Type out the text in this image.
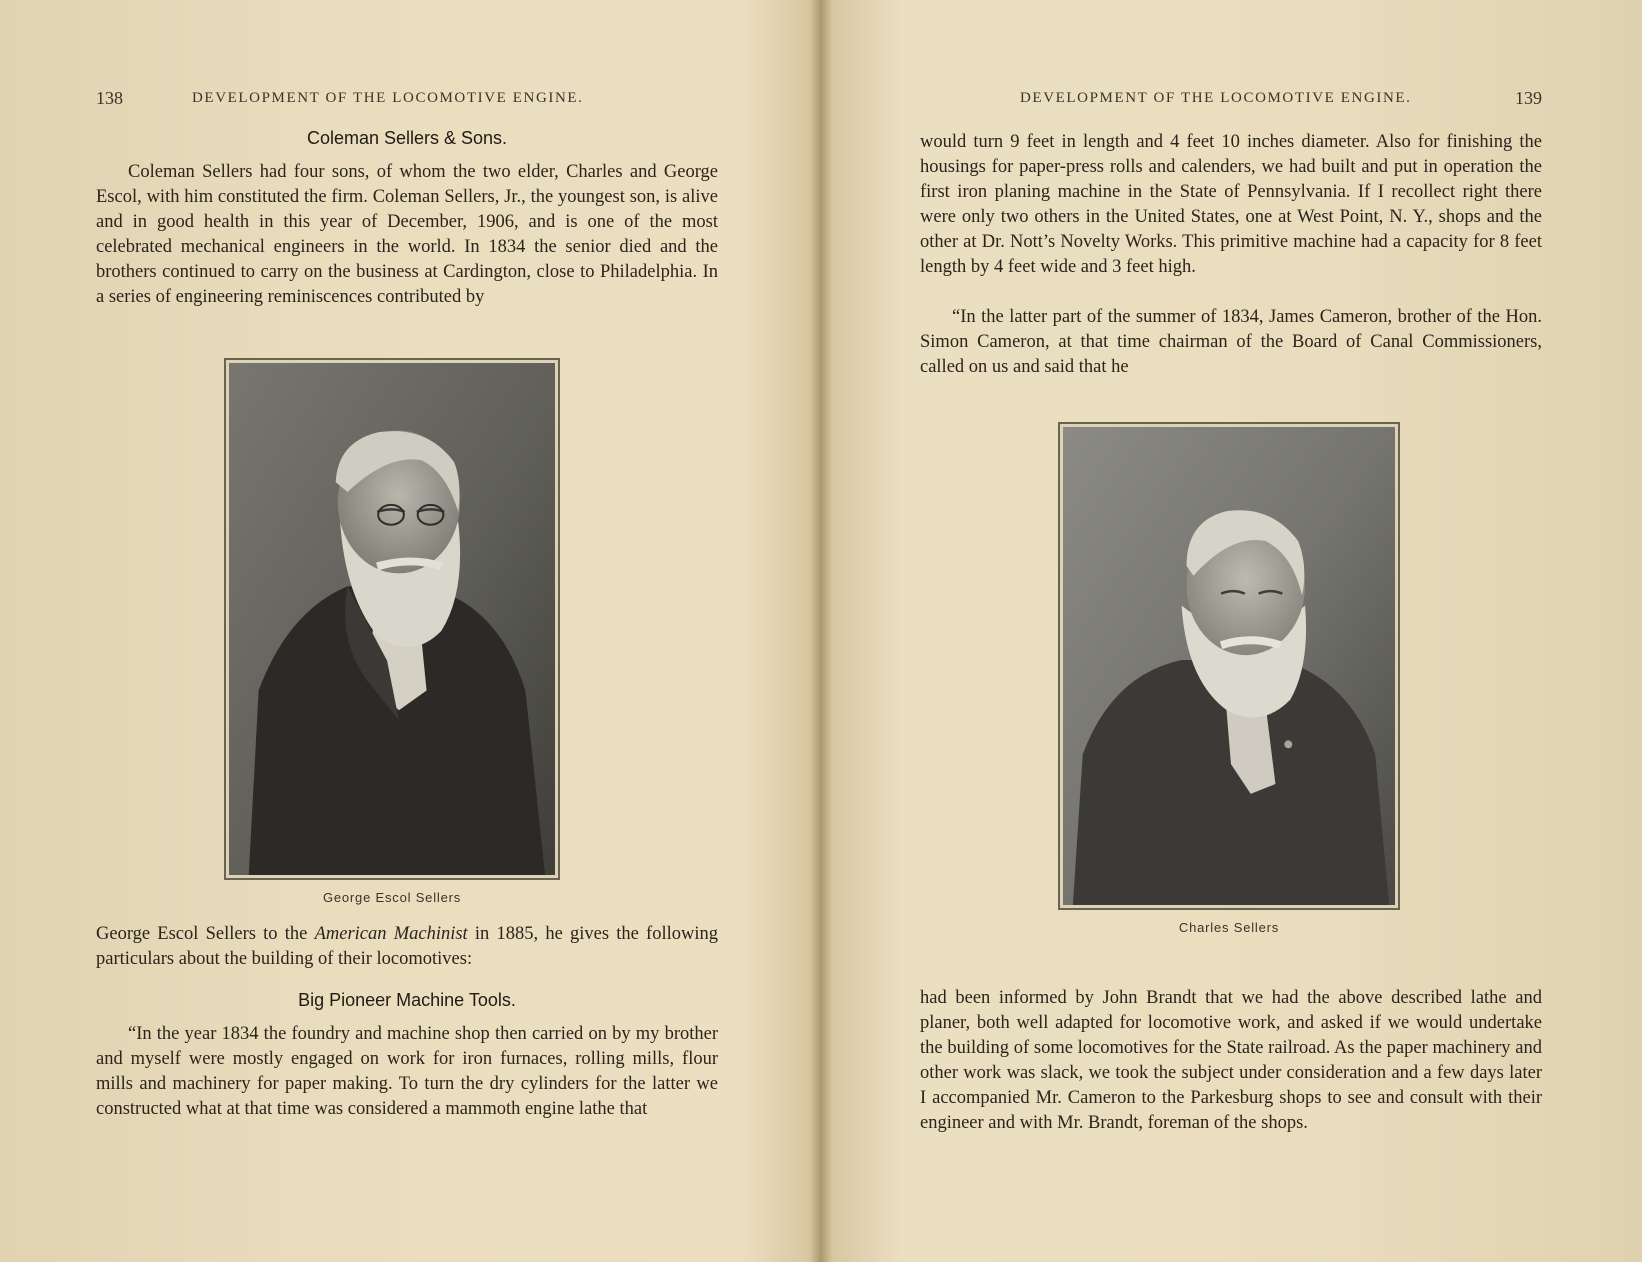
138	DEVELOPMENT OF THE LOCOMOTIVE ENGINE.
Coleman Sellers & Sons.

Coleman Sellers had four sons, of whom the two elder, Charles and George Escol, with him constituted the firm. Coleman Sellers, Jr., the youngest son, is alive and in good health in this year of December, 1906, and is one of the most celebrated mechanical engineers in the world. In 1834 the senior died and the brothers continued to carry on the business at Cardington, close to Philadelphia. In a series of engineering reminiscences contributed by

George Escol Sellers

George Escol Sellers to the American Machinist in 1885, he gives the following particulars about the building of their locomotives:

Big Pioneer Machine Tools.

“In the year 1834 the foundry and machine shop then carried on by my brother and myself were mostly engaged on work for iron furnaces, rolling mills, flour mills and machinery for paper making. To turn the dry cylinders for the latter we constructed what at that time was considered a mammoth engine lathe that

DEVELOPMENT OF THE LOCOMOTIVE ENGINE.	139

would turn 9 feet in length and 4 feet 10 inches diameter. Also for finishing the housings for paper-press rolls and calenders, we had built and put in operation the first iron planing machine in the State of Pennsylvania. If I recollect right there were only two others in the United States, one at West Point, N. Y., shops and the other at Dr. Nott’s Novelty Works. This primitive machine had a capacity for 8 feet length by 4 feet wide and 3 feet high.

“In the latter part of the summer of 1834, James Cameron, brother of the Hon. Simon Cameron, at that time chairman of the Board of Canal Commissioners, called on us and said that he

Charles Sellers

had been informed by John Brandt that we had the above described lathe and planer, both well adapted for locomotive work, and asked if we would undertake the building of some locomotives for the State railroad. As the paper machinery and other work was slack, we took the subject under consideration and a few days later I accompanied Mr. Cameron to the Parkesburg shops to see and consult with their engineer and with Mr. Brandt, foreman of the shops.
